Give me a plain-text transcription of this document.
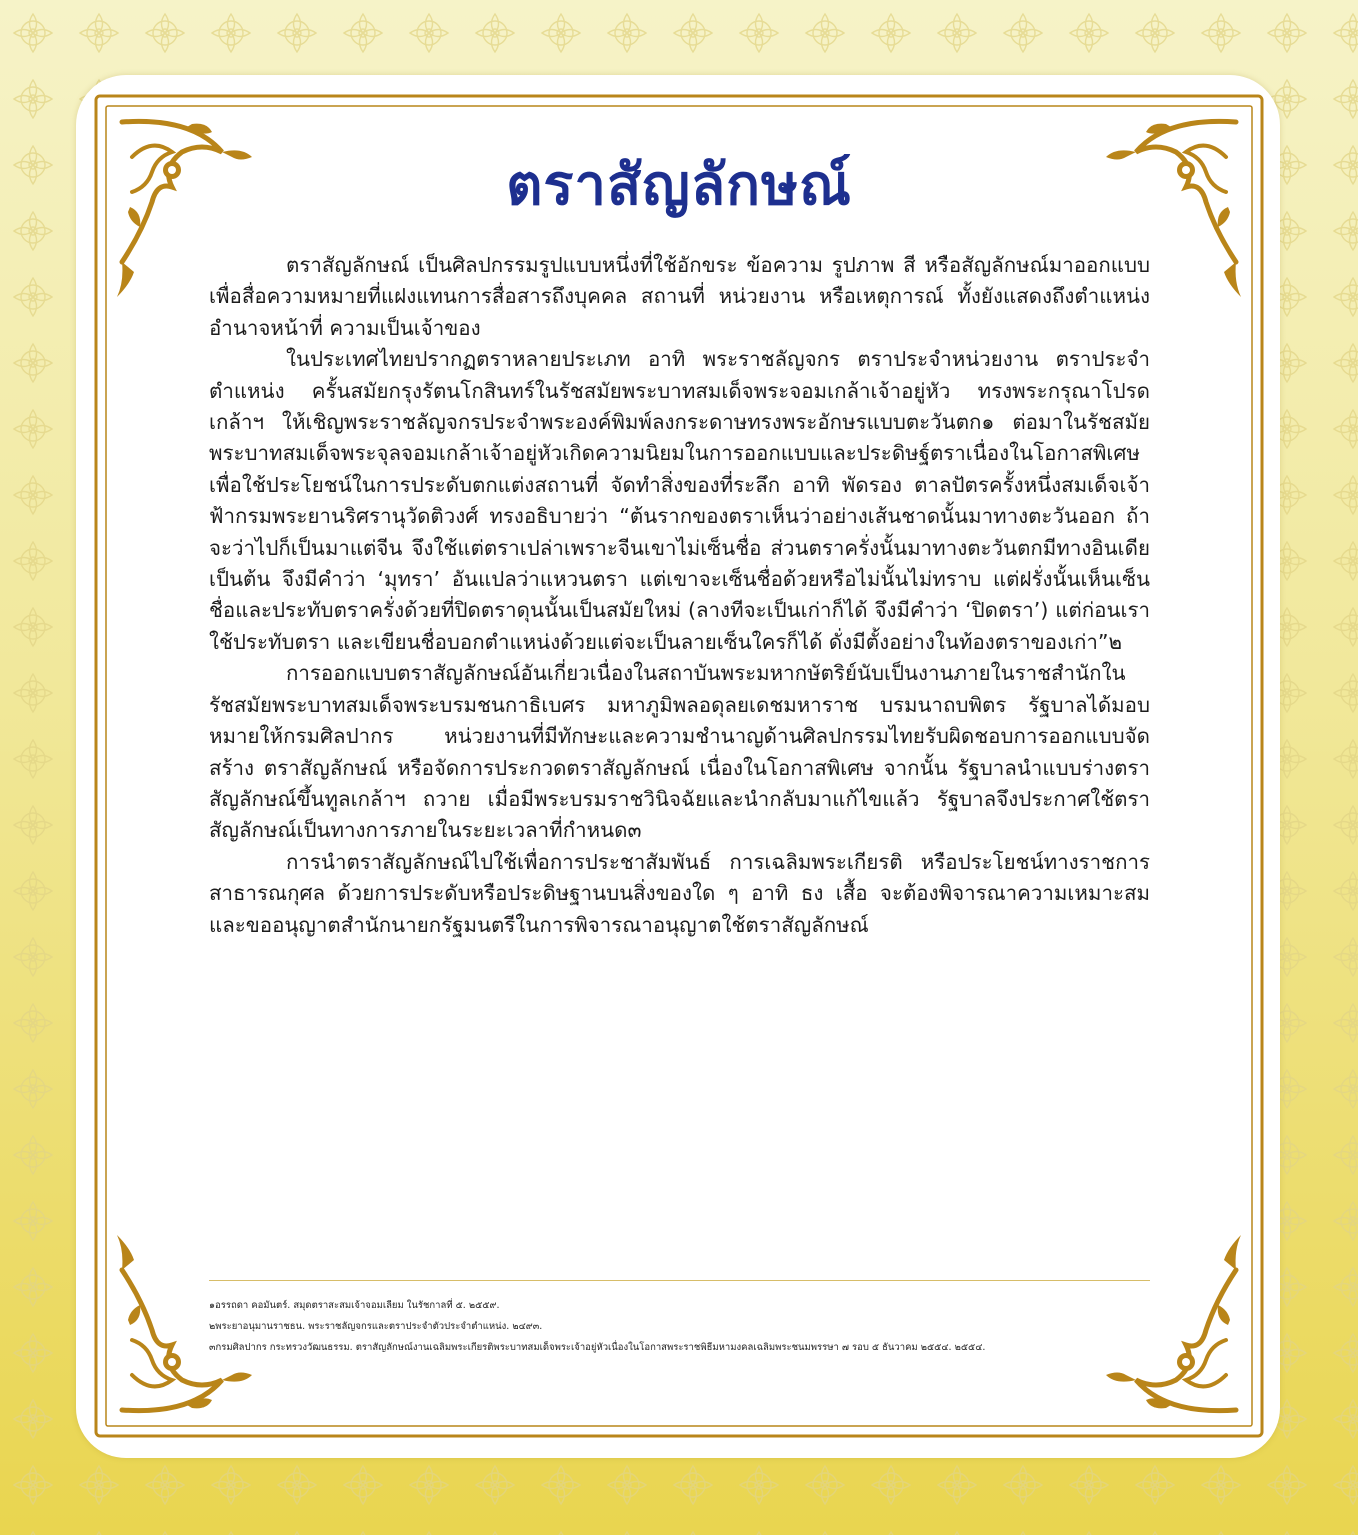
ตราสัญลักษณ์

ตราสัญลักษณ์ เป็นศิลปกรรมรูปแบบหนึ่งที่ใช้อักขระ ข้อความ รูปภาพ สี หรือสัญลักษณ์มาออกแบบเพื่อสื่อความหมายที่แฝงแทนการสื่อสารถึงบุคคล สถานที่ หน่วยงาน หรือเหตุการณ์ ทั้งยังแสดงถึงตำแหน่ง อำนาจหน้าที่ ความเป็นเจ้าของ

ในประเทศไทยปรากฏตราหลายประเภท อาทิ พระราชลัญจกร ตราประจำหน่วยงาน ตราประจำตำแหน่ง ครั้นสมัยกรุงรัตนโกสินทร์ในรัชสมัยพระบาทสมเด็จพระจอมเกล้าเจ้าอยู่หัว ทรงพระกรุณาโปรดเกล้าฯ ให้เชิญพระราชลัญจกรประจำพระองค์พิมพ์ลงกระดาษทรงพระอักษรแบบตะวันตก๑ ต่อมาในรัชสมัยพระบาทสมเด็จพระจุลจอมเกล้าเจ้าอยู่หัวเกิดความนิยมในการออกแบบและประดิษฐ์ตราเนื่องในโอกาสพิเศษ เพื่อใช้ประโยชน์ในการประดับตกแต่งสถานที่ จัดทำสิ่งของที่ระลึก อาทิ พัดรอง ตาลปัตรครั้งหนึ่งสมเด็จเจ้าฟ้ากรมพระยานริศรานุวัดติวงศ์ ทรงอธิบายว่า “ต้นรากของตราเห็นว่าอย่างเส้นชาดนั้นมาทางตะวันออก ถ้าจะว่าไปก็เป็นมาแต่จีน จึงใช้แต่ตราเปล่าเพราะจีนเขาไม่เซ็นชื่อ ส่วนตราครั่งนั้นมาทางตะวันตกมีทางอินเดียเป็นต้น จึงมีคำว่า ‘มุทรา’ อันแปลว่าแหวนตรา แต่เขาจะเซ็นชื่อด้วยหรือไม่นั้นไม่ทราบ แต่ฝรั่งนั้นเห็นเซ็นชื่อและประทับตราครั่งด้วยที่ปิดตราดุนนั้นเป็นสมัยใหม่ (ลางทีจะเป็นเก่าก็ได้ จึงมีคำว่า ‘ปิดตรา’) แต่ก่อนเราใช้ประทับตรา และเขียนชื่อบอกตำแหน่งด้วยแต่จะเป็นลายเซ็นใครก็ได้ ดั่งมีตั้งอย่างในท้องตราของเก่า”๒

การออกแบบตราสัญลักษณ์อันเกี่ยวเนื่องในสถาบันพระมหากษัตริย์นับเป็นงานภายในราชสำนักในรัชสมัยพระบาทสมเด็จพระบรมชนกาธิเบศร มหาภูมิพลอดุลยเดชมหาราช บรมนาถบพิตร รัฐบาลได้มอบหมายให้กรมศิลปากร หน่วยงานที่มีทักษะและความชำนาญด้านศิลปกรรมไทยรับผิดชอบการออกแบบจัดสร้าง ตราสัญลักษณ์ หรือจัดการประกวดตราสัญลักษณ์ เนื่องในโอกาสพิเศษ จากนั้น รัฐบาลนำแบบร่างตราสัญลักษณ์ขึ้นทูลเกล้าฯ ถวาย เมื่อมีพระบรมราชวินิจฉัยและนำกลับมาแก้ไขแล้ว รัฐบาลจึงประกาศใช้ตราสัญลักษณ์เป็นทางการภายในระยะเวลาที่กำหนด๓

การนำตราสัญลักษณ์ไปใช้เพื่อการประชาสัมพันธ์ การเฉลิมพระเกียรติ หรือประโยชน์ทางราชการ สาธารณกุศล ด้วยการประดับหรือประดิษฐานบนสิ่งของใด ๆ อาทิ ธง เสื้อ จะต้องพิจารณาความเหมาะสมและขออนุญาตสำนักนายกรัฐมนตรีในการพิจารณาอนุญาตใช้ตราสัญลักษณ์

๑อรรถดา คอมันตร์. สมุดตราสะสมเจ้าจอมเลียม ในรัชกาลที่ ๕. ๒๕๕๙.
๒พระยาอนุมานราชธน. พระราชลัญจกรและตราประจำตัวประจำตำแหน่ง. ๒๔๙๓.
๓กรมศิลปากร กระทรวงวัฒนธรรม. ตราสัญลักษณ์งานเฉลิมพระเกียรติพระบาทสมเด็จพระเจ้าอยู่หัวเนื่องในโอกาสพระราชพิธีมหามงคลเฉลิมพระชนมพรรษา ๗ รอบ ๕ ธันวาคม ๒๕๕๔. ๒๕๕๔.
